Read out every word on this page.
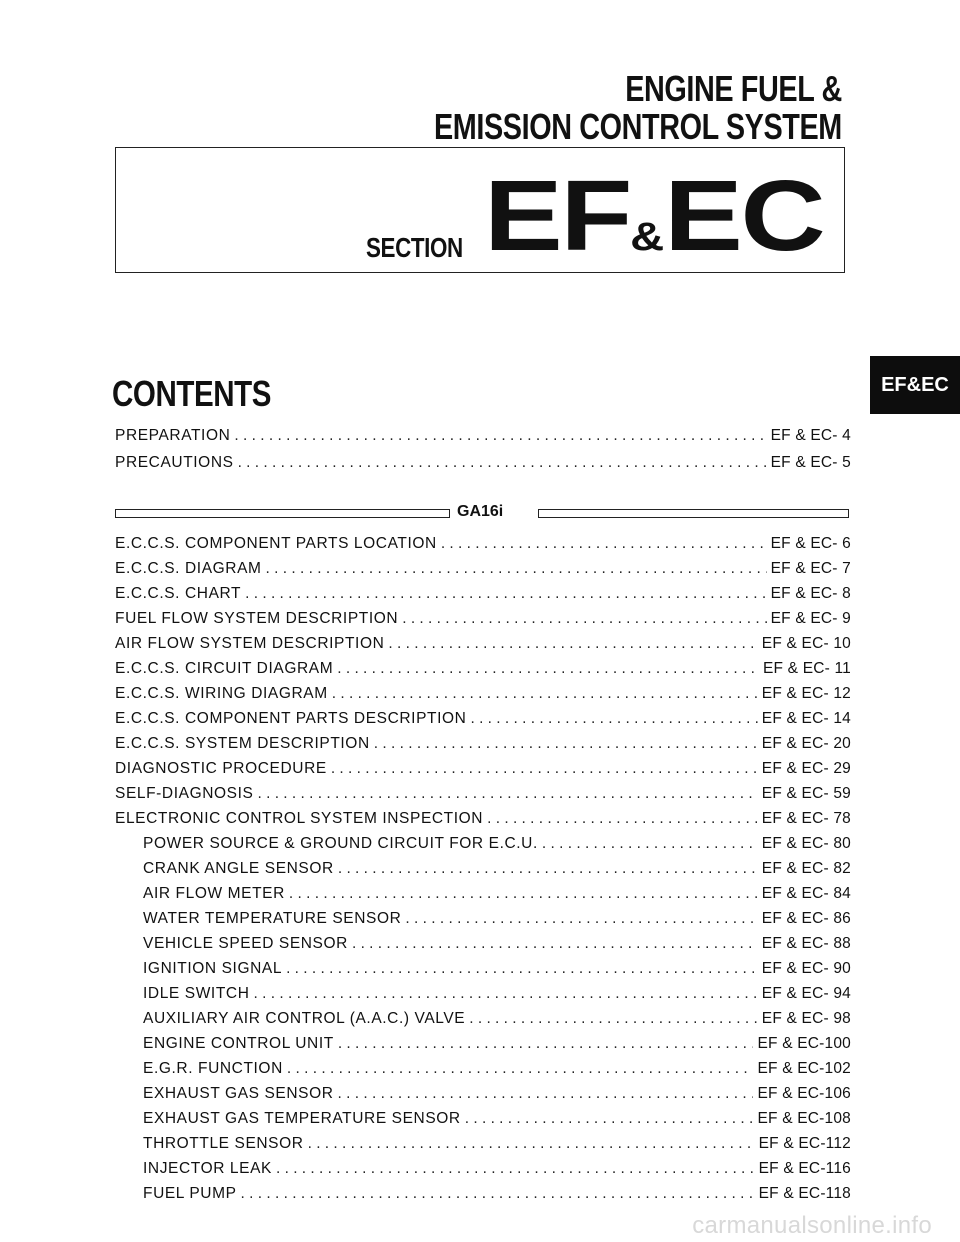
ENGINE FUEL &
EMISSION CONTROL SYSTEM
SECTION EF&EC
EF&EC
CONTENTS
PREPARATION . . .	EF & EC- 4
PRECAUTIONS . . .	EF & EC- 5
GA16i
E.C.C.S. COMPONENT PARTS LOCATION . . .	EF & EC- 6
E.C.C.S. DIAGRAM . . .	EF & EC- 7
E.C.C.S. CHART . . .	EF & EC- 8
FUEL FLOW SYSTEM DESCRIPTION . . .	EF & EC- 9
AIR FLOW SYSTEM DESCRIPTION . . .	EF & EC- 10
E.C.C.S. CIRCUIT DIAGRAM . . .	EF & EC- 11
E.C.C.S. WIRING DIAGRAM . . .	EF & EC- 12
E.C.C.S. COMPONENT PARTS DESCRIPTION . . .	EF & EC- 14
E.C.C.S. SYSTEM DESCRIPTION . . .	EF & EC- 20
DIAGNOSTIC PROCEDURE . . .	EF & EC- 29
SELF-DIAGNOSIS . . .	EF & EC- 59
ELECTRONIC CONTROL SYSTEM INSPECTION . . .	EF & EC- 78
POWER SOURCE & GROUND CIRCUIT FOR E.C.U. . . .	EF & EC- 80
CRANK ANGLE SENSOR . . .	EF & EC- 82
AIR FLOW METER . . .	EF & EC- 84
WATER TEMPERATURE SENSOR . . .	EF & EC- 86
VEHICLE SPEED SENSOR . . .	EF & EC- 88
IGNITION SIGNAL . . .	EF & EC- 90
IDLE SWITCH . . .	EF & EC- 94
AUXILIARY AIR CONTROL (A.A.C.) VALVE . . .	EF & EC- 98
ENGINE CONTROL UNIT . . .	EF & EC-100
E.G.R. FUNCTION . . .	EF & EC-102
EXHAUST GAS SENSOR . . .	EF & EC-106
EXHAUST GAS TEMPERATURE SENSOR . . .	EF & EC-108
THROTTLE SENSOR . . .	EF & EC-112
INJECTOR LEAK . . .	EF & EC-116
FUEL PUMP . . .	EF & EC-118
carmanualsonline.info
